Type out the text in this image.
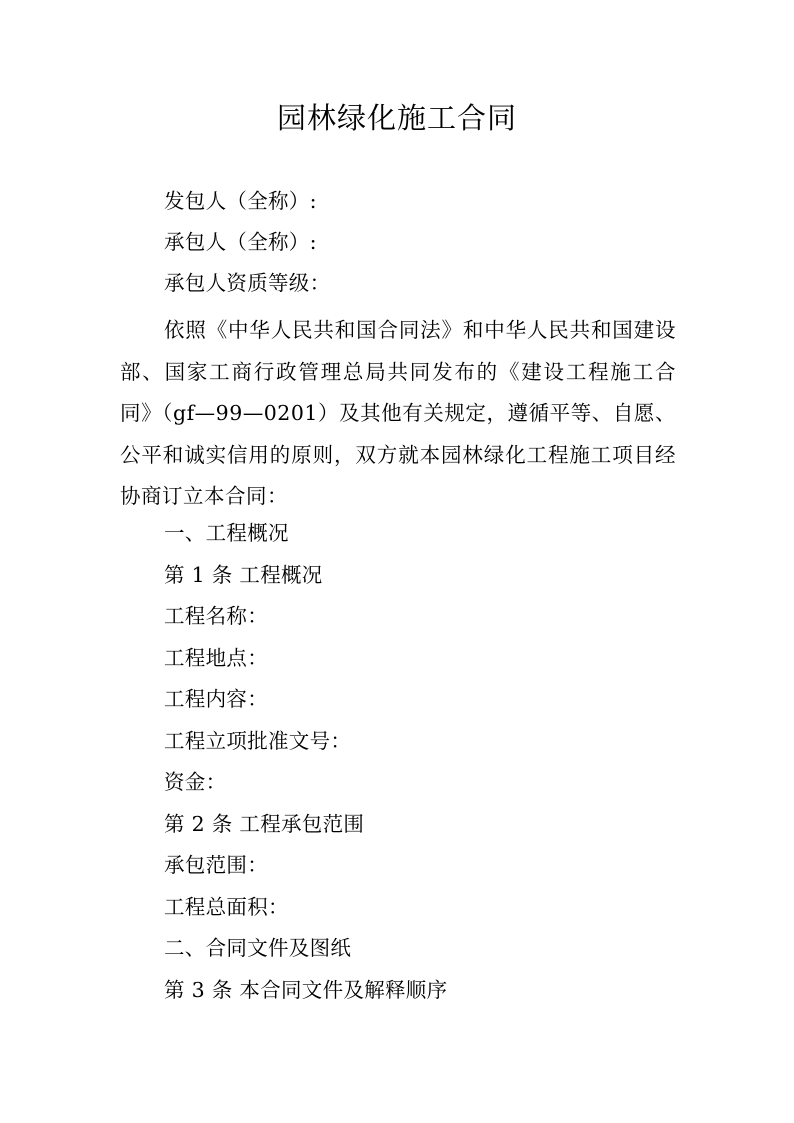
园林绿化施工合同
发包人（全称）:
承包人（全称）:
承包人资质等级：
依照《中华人民共和国合同法》和中华人民共和国建设部、国家工商行政管理总局共同发布的《建设工程施工合同》（gf—99—0201）及其他有关规定，遵循平等、自愿、公平和诚实信用的原则，双方就本园林绿化工程施工项目经协商订立本合同：
一、工程概况
第 1 条 工程概况
工程名称：
工程地点：
工程内容：
工程立项批准文号：
资金：
第 2 条 工程承包范围
承包范围：
工程总面积：
二、合同文件及图纸
第 3 条 本合同文件及解释顺序
